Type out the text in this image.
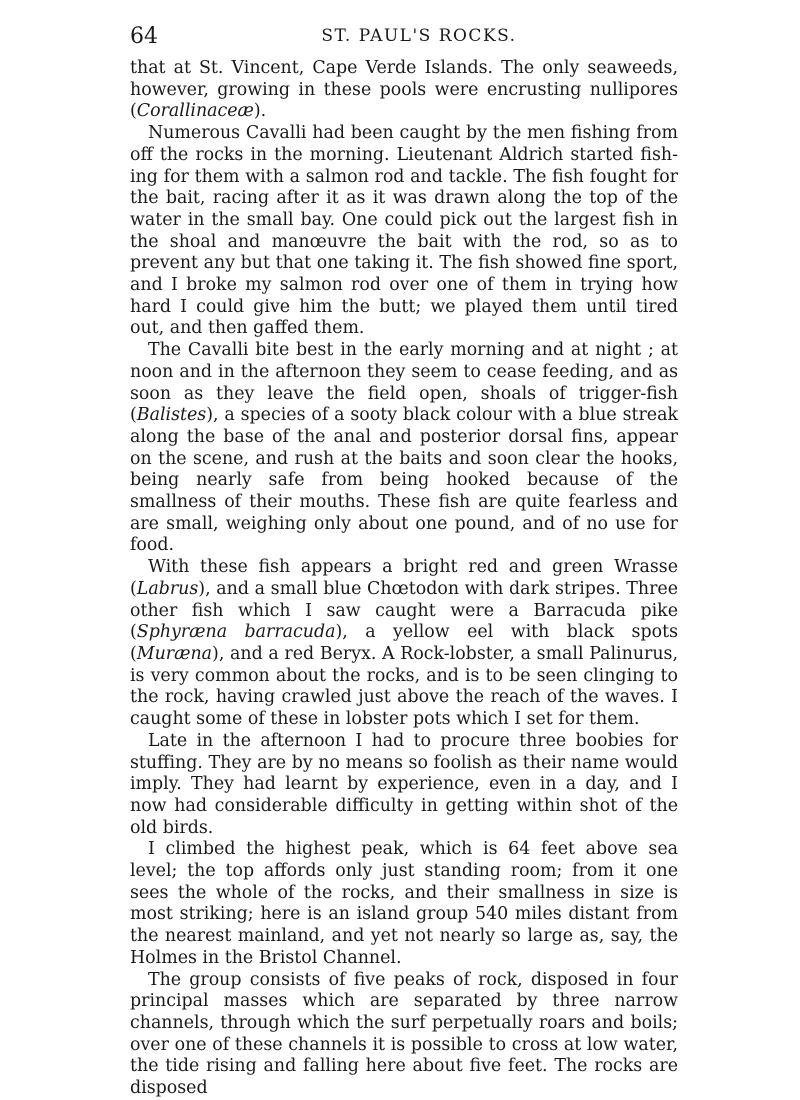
64	ST. PAUL'S ROCKS.

that at St. Vincent, Cape Verde Islands. The only seaweeds, however, growing in these pools were encrusting nullipores (Corallinaceæ).

Numerous Cavalli had been caught by the men fishing from off the rocks in the morning. Lieutenant Aldrich started fish-ing for them with a salmon rod and tackle. The fish fought for the bait, racing after it as it was drawn along the top of the water in the small bay. One could pick out the largest fish in the shoal and manœuvre the bait with the rod, so as to prevent any but that one taking it. The fish showed fine sport, and I broke my salmon rod over one of them in trying how hard I could give him the butt; we played them until tired out, and then gaffed them.

The Cavalli bite best in the early morning and at night ; at noon and in the afternoon they seem to cease feeding, and as soon as they leave the field open, shoals of trigger-fish (Balistes), a species of a sooty black colour with a blue streak along the base of the anal and posterior dorsal fins, appear on the scene, and rush at the baits and soon clear the hooks, being nearly safe from being hooked because of the smallness of their mouths. These fish are quite fearless and are small, weighing only about one pound, and of no use for food.

With these fish appears a bright red and green Wrasse (Labrus), and a small blue Chœtodon with dark stripes. Three other fish which I saw caught were a Barracuda pike (Sphyræna barracuda), a yellow eel with black spots (Muræna), and a red Beryx. A Rock-lobster, a small Palinurus, is very common about the rocks, and is to be seen clinging to the rock, having crawled just above the reach of the waves. I caught some of these in lobster pots which I set for them.

Late in the afternoon I had to procure three boobies for stuffing. They are by no means so foolish as their name would imply. They had learnt by experience, even in a day, and I now had considerable difficulty in getting within shot of the old birds.

I climbed the highest peak, which is 64 feet above sea level; the top affords only just standing room; from it one sees the whole of the rocks, and their smallness in size is most striking; here is an island group 540 miles distant from the nearest mainland, and yet not nearly so large as, say, the Holmes in the Bristol Channel.

The group consists of five peaks of rock, disposed in four principal masses which are separated by three narrow channels, through which the surf perpetually roars and boils; over one of these channels it is possible to cross at low water, the tide rising and falling here about five feet. The rocks are disposed
